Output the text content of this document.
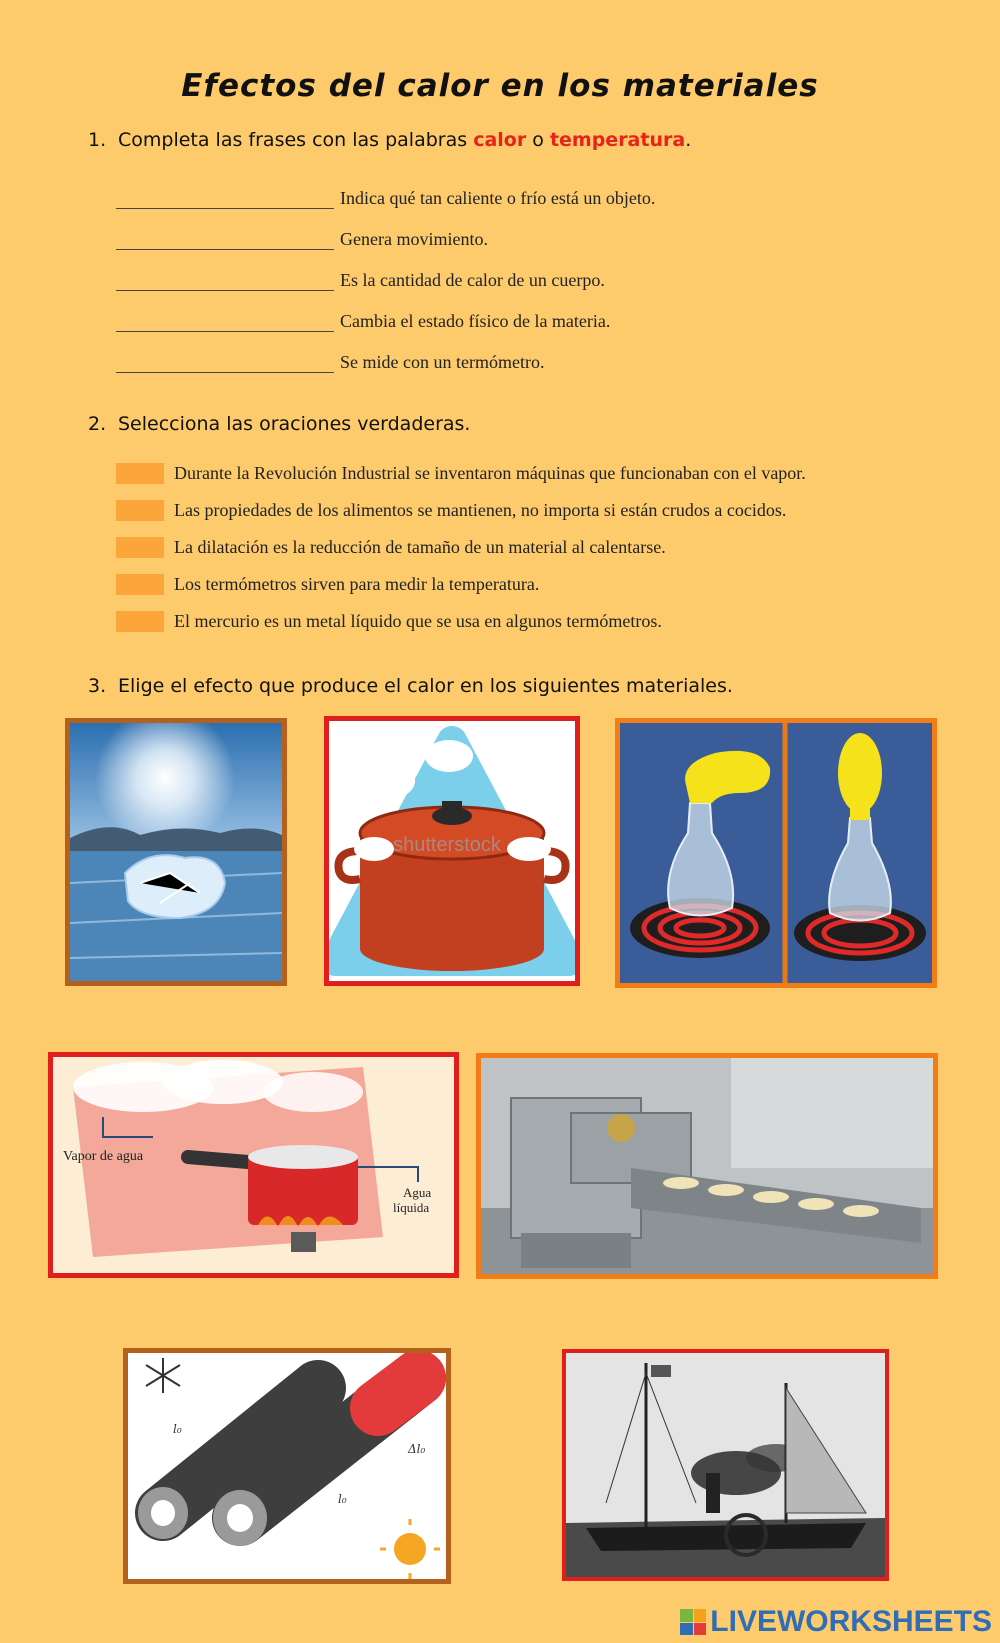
Efectos del calor en los materiales
1. Completa las frases con las palabras calor o temperatura.
Indica qué tan caliente o frío está un objeto.
Genera movimiento.
Es la cantidad de calor de un cuerpo.
Cambia el estado físico de la materia.
Se mide con un termómetro.
2. Selecciona las oraciones verdaderas.
Durante la Revolución Industrial se inventaron máquinas que funcionaban con el vapor.
Las propiedades de los alimentos se mantienen, no importa si están crudos a cocidos.
La dilatación es la reducción de tamaño de un material al calentarse.
Los termómetros sirven para medir la temperatura.
El mercurio es un metal líquido que se usa en algunos termómetros.
3. Elige el efecto que produce el calor en los siguientes materiales.
shutterstock
Vapor de agua
Agua
líquida
l₀
l₀
Δl₀
LIVEWORKSHEETS
